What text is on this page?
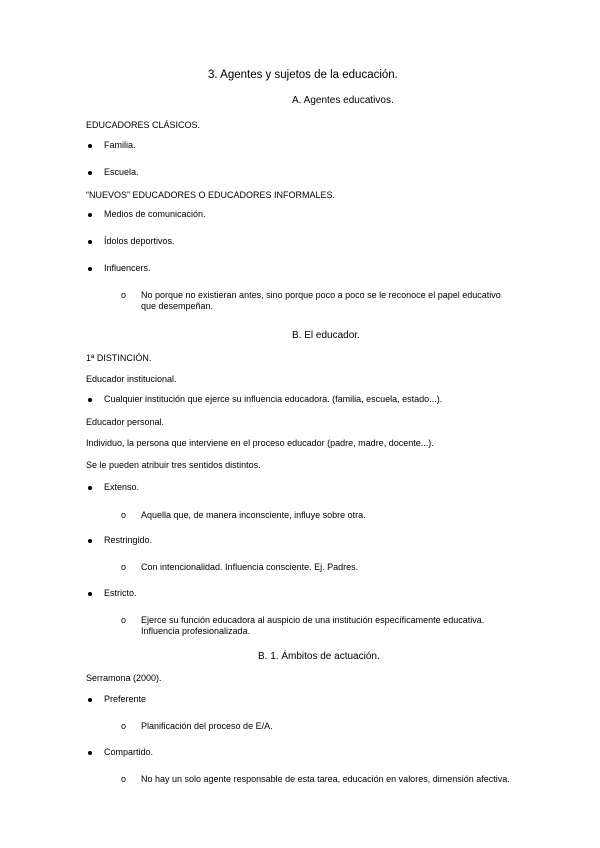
3. Agentes y sujetos de la educación.
A. Agentes educativos.
EDUCADORES CLÁSICOS.
Familia.
Escuela.
“NUEVOS” EDUCADORES O EDUCADORES INFORMALES.
Medios de comunicación.
Ídolos deportivos.
Influencers.
o No porque no existieran antes, sino porque poco a poco se le reconoce el papel educativo que desempeñan.
B. El educador.
1ª DISTINCIÓN.
Educador institucional.
Cualquier institución que ejerce su influencia educadora. (familia, escuela, estado...).
Educador personal.
Individuo, la persona que interviene en el proceso educador (padre, madre, docente...).
Se le pueden atribuir tres sentidos distintos.
Extenso.
o Aquella que, de manera inconsciente, influye sobre otra.
Restringido.
o Con intencionalidad. Influencia consciente. Ej. Padres.
Estricto.
o Ejerce su función educadora al auspicio de una institución específicamente educativa. Influencia profesionalizada.
B. 1. Ámbitos de actuación.
Serramona (2000).
Preferente
o Planificación del proceso de E/A.
Compartido.
o No hay un solo agente responsable de esta tarea, educación en valores, dimensión afectiva.
